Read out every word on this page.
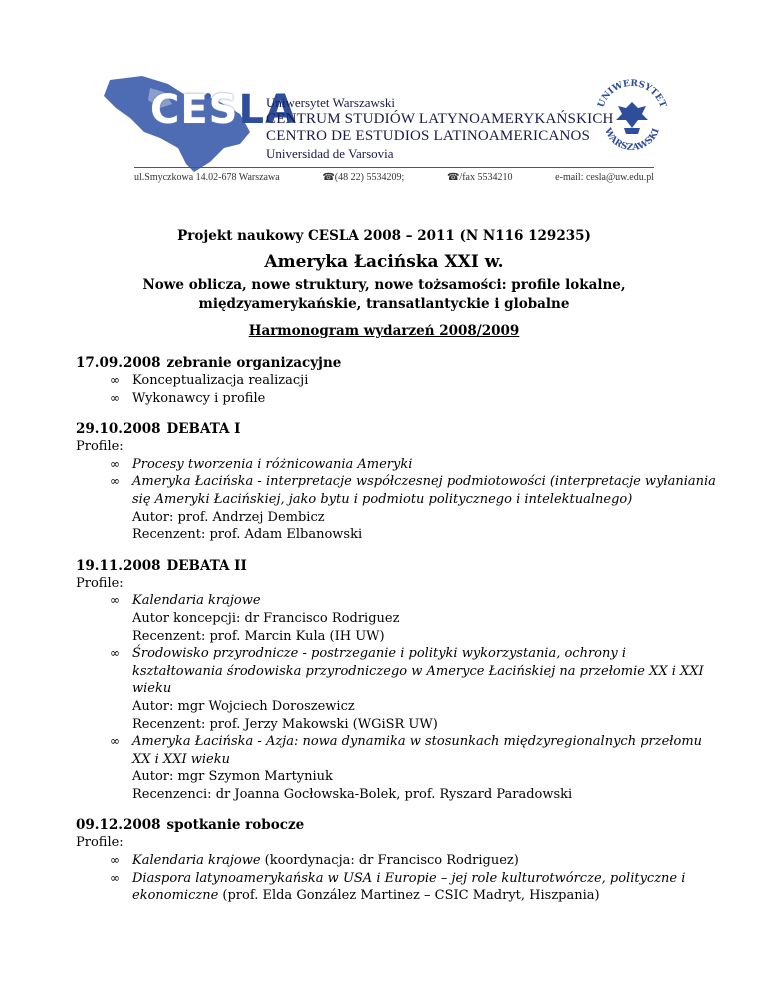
CESLA
Uniwersytet Warszawski
CENTRUM STUDIÓW LATYNOAMERYKAŃSKICH
CENTRO DE ESTUDIOS LATINOAMERICANOS
Universidad de Varsovia
UNIWERSYTET
WARSZAWSKI
ul.Smyczkowa 14.02-678 Warszawa	☎(48 22) 5534209;	☎/fax 5534210	e-mail: cesla@uw.edu.pl
Projekt naukowy CESLA 2008 – 2011 (N N116 129235)
Ameryka Łacińska XXI w.
Nowe oblicza, nowe struktury, nowe tożsamości: profile lokalne,
międzyamerykańskie, transatlantyckie i globalne
Harmonogram wydarzeń 2008/2009
17.09.2008 zebranie organizacyjne
∞ Konceptualizacja realizacji
∞ Wykonawcy i profile
29.10.2008 DEBATA I
Profile:
∞ Procesy tworzenia i różnicowania Ameryki
∞ Ameryka Łacińska - interpretacje współczesnej podmiotowości (interpretacje wyłaniania się Ameryki Łacińskiej, jako bytu i podmiotu politycznego i intelektualnego)
Autor: prof. Andrzej Dembicz
Recenzent: prof. Adam Elbanowski
19.11.2008 DEBATA II
Profile:
∞ Kalendaria krajowe
Autor koncepcji: dr Francisco Rodriguez
Recenzent: prof. Marcin Kula (IH UW)
∞ Środowisko przyrodnicze - postrzeganie i polityki wykorzystania, ochrony i kształtowania środowiska przyrodniczego w Ameryce Łacińskiej na przełomie XX i XXI wieku
Autor: mgr Wojciech Doroszewicz
Recenzent: prof. Jerzy Makowski (WGiSR UW)
∞ Ameryka Łacińska - Azja: nowa dynamika w stosunkach międzyregionalnych przełomu XX i XXI wieku
Autor: mgr Szymon Martyniuk
Recenzenci: dr Joanna Gocłowska-Bolek, prof. Ryszard Paradowski
09.12.2008 spotkanie robocze
Profile:
∞ Kalendaria krajowe (koordynacja: dr Francisco Rodriguez)
∞ Diaspora latynoamerykańska w USA i Europie – jej role kulturotwórcze, polityczne i ekonomiczne (prof. Elda González Martinez – CSIC Madryt, Hiszpania)
